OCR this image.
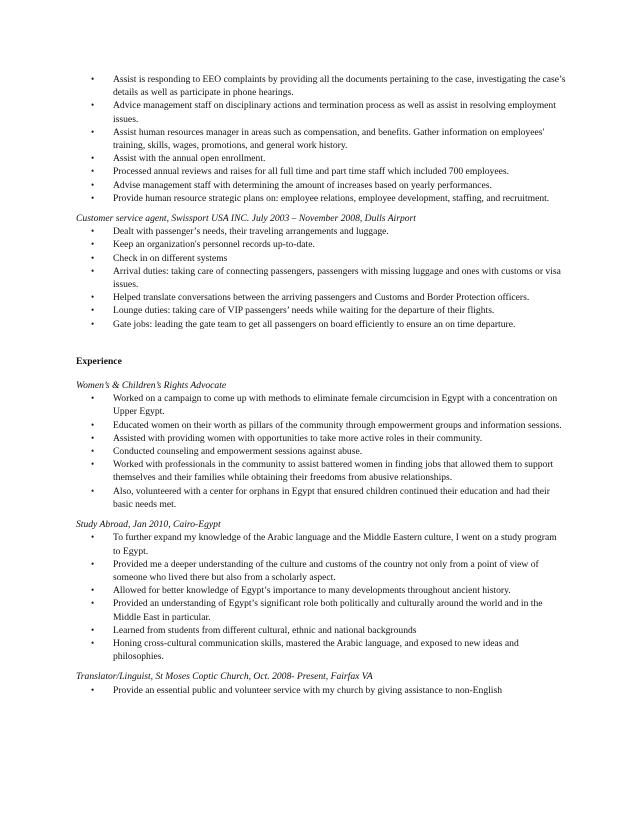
• Assist is responding to EEO complaints by providing all the documents pertaining to the case, investigating the case’s details as well as participate in phone hearings.
• Advice management staff on disciplinary actions and termination process as well as assist in resolving employment issues.
• Assist human resources manager in areas such as compensation, and benefits. Gather information on employees' training, skills, wages, promotions, and general work history.
• Assist with the annual open enrollment.
• Processed annual reviews and raises for all full time and part time staff which included 700 employees.
• Advise management staff with determining the amount of increases based on yearly performances.
• Provide human resource strategic plans on: employee relations, employee development, staffing, and recruitment.
Customer service agent, Swissport USA INC. July 2003 – November 2008, Dulls Airport
• Dealt with passenger’s needs, their traveling arrangements and luggage.
• Keep an organization's personnel records up-to-date.
• Check in on different systems
• Arrival duties: taking care of connecting passengers, passengers with missing luggage and ones with customs or visa issues.
• Helped translate conversations between the arriving passengers and Customs and Border Protection officers.
• Lounge duties: taking care of VIP passengers’ needs while waiting for the departure of their flights.
• Gate jobs: leading the gate team to get all passengers on board efficiently to ensure an on time departure.
Experience
Women’s & Children’s Rights Advocate
• Worked on a campaign to come up with methods to eliminate female circumcision in Egypt with a concentration on Upper Egypt.
• Educated women on their worth as pillars of the community through empowerment groups and information sessions.
• Assisted with providing women with opportunities to take more active roles in their community.
• Conducted counseling and empowerment sessions against abuse.
• Worked with professionals in the community to assist battered women in finding jobs that allowed them to support themselves and their families while obtaining their freedoms from abusive relationships.
• Also, volunteered with a center for orphans in Egypt that ensured children continued their education and had their basic needs met.
Study Abroad, Jan 2010, Cairo-Egypt
• To further expand my knowledge of the Arabic language and the Middle Eastern culture, I went on a study program to Egypt.
• Provided me a deeper understanding of the culture and customs of the country not only from a point of view of someone who lived there but also from a scholarly aspect.
• Allowed for better knowledge of Egypt’s importance to many developments throughout ancient history.
• Provided an understanding of Egypt’s significant role both politically and culturally around the world and in the Middle East in particular.
• Learned from students from different cultural, ethnic and national backgrounds
• Honing cross-cultural communication skills, mastered the Arabic language, and exposed to new ideas and philosophies.
Translator/Linguist, St Moses Coptic Church, Oct. 2008- Present, Fairfax VA
• Provide an essential public and volunteer service with my church by giving assistance to non-English
